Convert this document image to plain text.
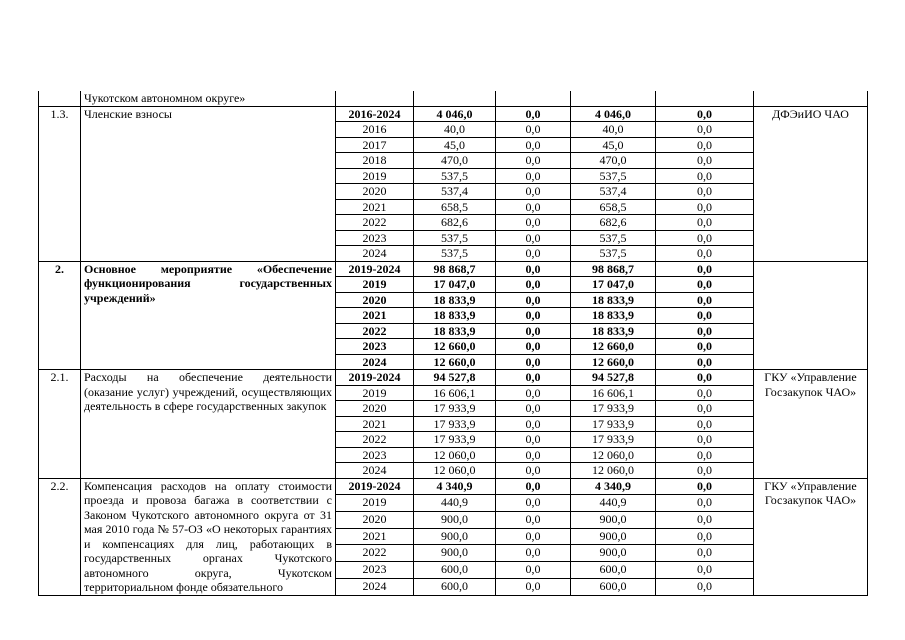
	Чукотском автономном округе»						
1.3.	Членские взносы	2016-2024	4 046,0	0,0	4 046,0	0,0	ДФЭиИО ЧАО
		2016	40,0	0,0	40,0	0,0	
		2017	45,0	0,0	45,0	0,0	
		2018	470,0	0,0	470,0	0,0	
		2019	537,5	0,0	537,5	0,0	
		2020	537,4	0,0	537,4	0,0	
		2021	658,5	0,0	658,5	0,0	
		2022	682,6	0,0	682,6	0,0	
		2023	537,5	0,0	537,5	0,0	
		2024	537,5	0,0	537,5	0,0	
2.	Основное мероприятие «Обеспечение функционирования государственных учреждений»	2019-2024	98 868,7	0,0	98 868,7	0,0	
		2019	17 047,0	0,0	17 047,0	0,0	
		2020	18 833,9	0,0	18 833,9	0,0	
		2021	18 833,9	0,0	18 833,9	0,0	
		2022	18 833,9	0,0	18 833,9	0,0	
		2023	12 660,0	0,0	12 660,0	0,0	
		2024	12 660,0	0,0	12 660,0	0,0	
2.1.	Расходы на обеспечение деятельности (оказание услуг) учреждений, осуществляющих деятельность в сфере государственных закупок	2019-2024	94 527,8	0,0	94 527,8	0,0	ГКУ «Управление Госзакупок ЧАО»
		2019	16 606,1	0,0	16 606,1	0,0	
		2020	17 933,9	0,0	17 933,9	0,0	
		2021	17 933,9	0,0	17 933,9	0,0	
		2022	17 933,9	0,0	17 933,9	0,0	
		2023	12 060,0	0,0	12 060,0	0,0	
		2024	12 060,0	0,0	12 060,0	0,0	
2.2.	Компенсация расходов на оплату стоимости проезда и провоза багажа в соответствии с Законом Чукотского автономного округа от 31 мая 2010 года № 57-ОЗ «О некоторых гарантиях и компенсациях для лиц, работающих в государственных органах Чукотского автономного округа, Чукотском территориальном фонде обязательного	2019-2024	4 340,9	0,0	4 340,9	0,0	ГКУ «Управление Госзакупок ЧАО»
		2019	440,9	0,0	440,9	0,0	
		2020	900,0	0,0	900,0	0,0	
		2021	900,0	0,0	900,0	0,0	
		2022	900,0	0,0	900,0	0,0	
		2023	600,0	0,0	600,0	0,0	
		2024	600,0	0,0	600,0	0,0	
